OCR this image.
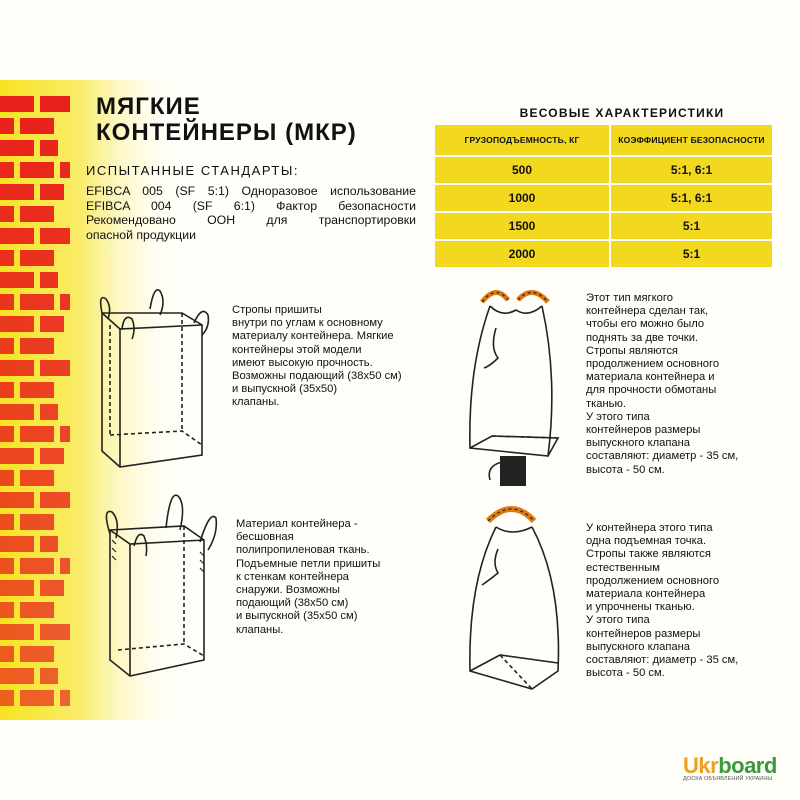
МЯГКИЕ
КОНТЕЙНЕРЫ (МКР)
ИСПЫТАННЫЕ СТАНДАРТЫ:
EFIBCA 005 (SF 5:1) Одноразовое использование
EFIBCA 004 (SF 6:1) Фактор безопасности
Рекомендовано ООН для транспортировки
опасной продукции
ВЕСОВЫЕ ХАРАКТЕРИСТИКИ
ГРУЗОПОДЪЕМНОСТЬ, КГ	КОЭФФИЦИЕНТ БЕЗОПАСНОСТИ
500	5:1, 6:1
1000	5:1, 6:1
1500	5:1
2000	5:1
Стропы пришиты
внутри по углам к основному
материалу контейнера. Мягкие
контейнеры этой модели
имеют высокую прочность.
Возможны подающий (38х50 см)
и выпускной (35х50)
клапаны.
Материал контейнера -
бесшовная
полипропиленовая ткань.
Подъемные петли пришиты
к стенкам контейнера
снаружи. Возможны
подающий (38х50 см)
и выпускной (35х50 см)
клапаны.
Этот тип мягкого
контейнера сделан так,
чтобы его можно было
поднять за две точки.
Стропы являются
продолжением основного
материала контейнера и
для прочности обмотаны
тканью.
У этого типа
контейнеров размеры
выпускного клапана
составляют: диаметр - 35 см,
высота - 50 см.
У контейнера этого типа
одна подъемная точка.
Стропы также являются
естественным
продолжением основного
материала контейнера
и упрочнены тканью.
У этого типа
контейнеров размеры
выпускного клапана
составляют: диаметр - 35 см,
высота - 50 см.
Ukrboard
ДОСКА ОБЪЯВЛЕНИЙ УКРАИНЫ
